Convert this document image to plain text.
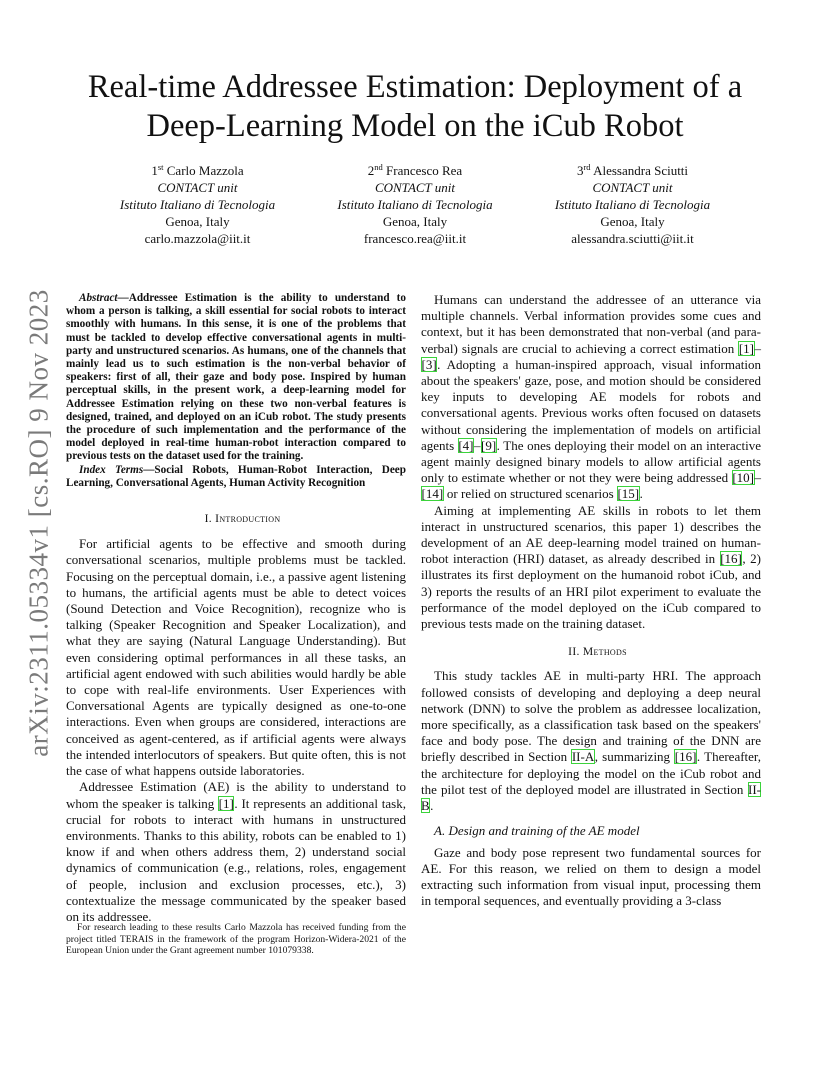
arXiv:2311.05334v1 [cs.RO] 9 Nov 2023
Real-time Addressee Estimation: Deployment of a Deep-Learning Model on the iCub Robot
1st Carlo Mazzola
CONTACT unit
Istituto Italiano di Tecnologia
Genoa, Italy
carlo.mazzola@iit.it
2nd Francesco Rea
CONTACT unit
Istituto Italiano di Tecnologia
Genoa, Italy
francesco.rea@iit.it
3rd Alessandra Sciutti
CONTACT unit
Istituto Italiano di Tecnologia
Genoa, Italy
alessandra.sciutti@iit.it

Abstract—Addressee Estimation is the ability to understand to whom a person is talking, a skill essential for social robots to interact smoothly with humans. In this sense, it is one of the problems that must be tackled to develop effective conversational agents in multi-party and unstructured scenarios. As humans, one of the channels that mainly lead us to such estimation is the non-verbal behavior of speakers: first of all, their gaze and body pose. Inspired by human perceptual skills, in the present work, a deep-learning model for Addressee Estimation relying on these two non-verbal features is designed, trained, and deployed on an iCub robot. The study presents the procedure of such implementation and the performance of the model deployed in real-time human-robot interaction compared to previous tests on the dataset used for the training.

Index Terms—Social Robots, Human-Robot Interaction, Deep Learning, Conversational Agents, Human Activity Recognition

I. Introduction

For artificial agents to be effective and smooth during conversational scenarios, multiple problems must be tackled. Focusing on the perceptual domain, i.e., a passive agent listening to humans, the artificial agents must be able to detect voices (Sound Detection and Voice Recognition), recognize who is talking (Speaker Recognition and Speaker Localization), and what they are saying (Natural Language Understanding). But even considering optimal performances in all these tasks, an artificial agent endowed with such abilities would hardly be able to cope with real-life environments. User Experiences with Conversational Agents are typically designed as one-to-one interactions. Even when groups are considered, interactions are conceived as agent-centered, as if artificial agents were always the intended interlocutors of speakers. But quite often, this is not the case of what happens outside laboratories.

Addressee Estimation (AE) is the ability to understand to whom the speaker is talking [1]. It represents an additional task, crucial for robots to interact with humans in unstructured environments. Thanks to this ability, robots can be enabled to 1) know if and when others address them, 2) understand social dynamics of communication (e.g., relations, roles, engagement of people, inclusion and exclusion processes, etc.), 3) contextualize the message communicated by the speaker based on its addressee.

For research leading to these results Carlo Mazzola has received funding from the project titled TERAIS in the framework of the program Horizon-Widera-2021 of the European Union under the Grant agreement number 101079338.

Humans can understand the addressee of an utterance via multiple channels. Verbal information provides some cues and context, but it has been demonstrated that non-verbal (and para-verbal) signals are crucial to achieving a correct estimation [1]–[3]. Adopting a human-inspired approach, visual information about the speakers' gaze, pose, and motion should be considered key inputs to developing AE models for robots and conversational agents. Previous works often focused on datasets without considering the implementation of models on artificial agents [4]–[9]. The ones deploying their model on an interactive agent mainly designed binary models to allow artificial agents only to estimate whether or not they were being addressed [10]–[14] or relied on structured scenarios [15].

Aiming at implementing AE skills in robots to let them interact in unstructured scenarios, this paper 1) describes the development of an AE deep-learning model trained on human-robot interaction (HRI) dataset, as already described in [16], 2) illustrates its first deployment on the humanoid robot iCub, and 3) reports the results of an HRI pilot experiment to evaluate the performance of the model deployed on the iCub compared to previous tests made on the training dataset.

II. Methods

This study tackles AE in multi-party HRI. The approach followed consists of developing and deploying a deep neural network (DNN) to solve the problem as addressee localization, more specifically, as a classification task based on the speakers' face and body pose. The design and training of the DNN are briefly described in Section II-A, summarizing [16]. Thereafter, the architecture for deploying the model on the iCub robot and the pilot test of the deployed model are illustrated in Section II-B.

A. Design and training of the AE model

Gaze and body pose represent two fundamental sources for AE. For this reason, we relied on them to design a model extracting such information from visual input, processing them in temporal sequences, and eventually providing a 3-class
